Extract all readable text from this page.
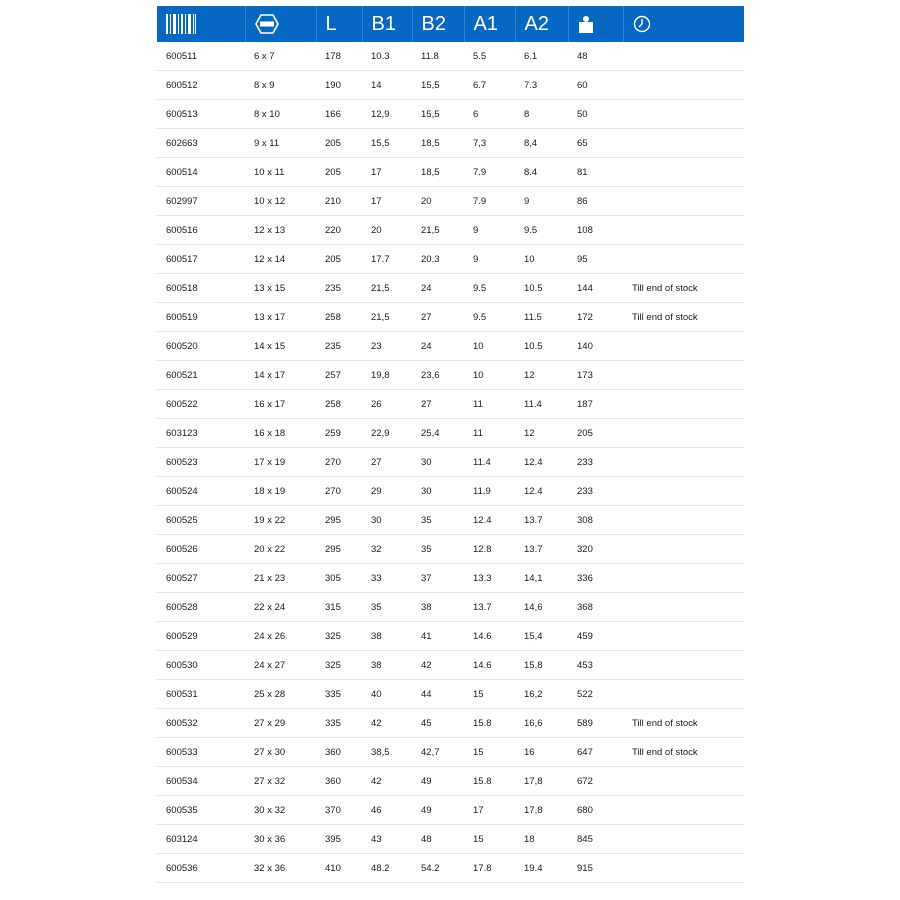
		L	B1	B2	A1	A2		
600511	6 x 7	178	10.3	11.8	5.5	6.1	48	
600512	8 x 9	190	14	15,5	6.7	7.3	60	
600513	8 x 10	166	12,9	15,5	6	8	50	
602663	9 x 11	205	15,5	18,5	7,3	8,4	65	
600514	10 x 11	205	17	18,5	7.9	8.4	81	
602997	10 x 12	210	17	20	7.9	9	86	
600516	12 x 13	220	20	21,5	9	9.5	108	
600517	12 x 14	205	17.7	20.3	9	10	95	
600518	13 x 15	235	21,5	24	9.5	10.5	144	Till end of stock
600519	13 x 17	258	21,5	27	9.5	11.5	172	Till end of stock
600520	14 x 15	235	23	24	10	10.5	140	
600521	14 x 17	257	19,8	23,6	10	12	173	
600522	16 x 17	258	26	27	11	11.4	187	
603123	16 x 18	259	22,9	25,4	11	12	205	
600523	17 x 19	270	27	30	11.4	12.4	233	
600524	18 x 19	270	29	30	11.9	12.4	233	
600525	19 x 22	295	30	35	12.4	13.7	308	
600526	20 x 22	295	32	35	12.8	13.7	320	
600527	21 x 23	305	33	37	13.3	14,1	336	
600528	22 x 24	315	35	38	13.7	14,6	368	
600529	24 x 26	325	38	41	14.6	15,4	459	
600530	24 x 27	325	38	42	14.6	15,8	453	
600531	25 x 28	335	40	44	15	16,2	522	
600532	27 x 29	335	42	45	15.8	16,6	589	Till end of stock
600533	27 x 30	360	38,5	42,7	15	16	647	Till end of stock
600534	27 x 32	360	42	49	15.8	17,8	672	
600535	30 x 32	370	46	49	17	17,8	680	
603124	30 x 36	395	43	48	15	18	845	
600536	32 x 36	410	48.2	54.2	17.8	19.4	915	
